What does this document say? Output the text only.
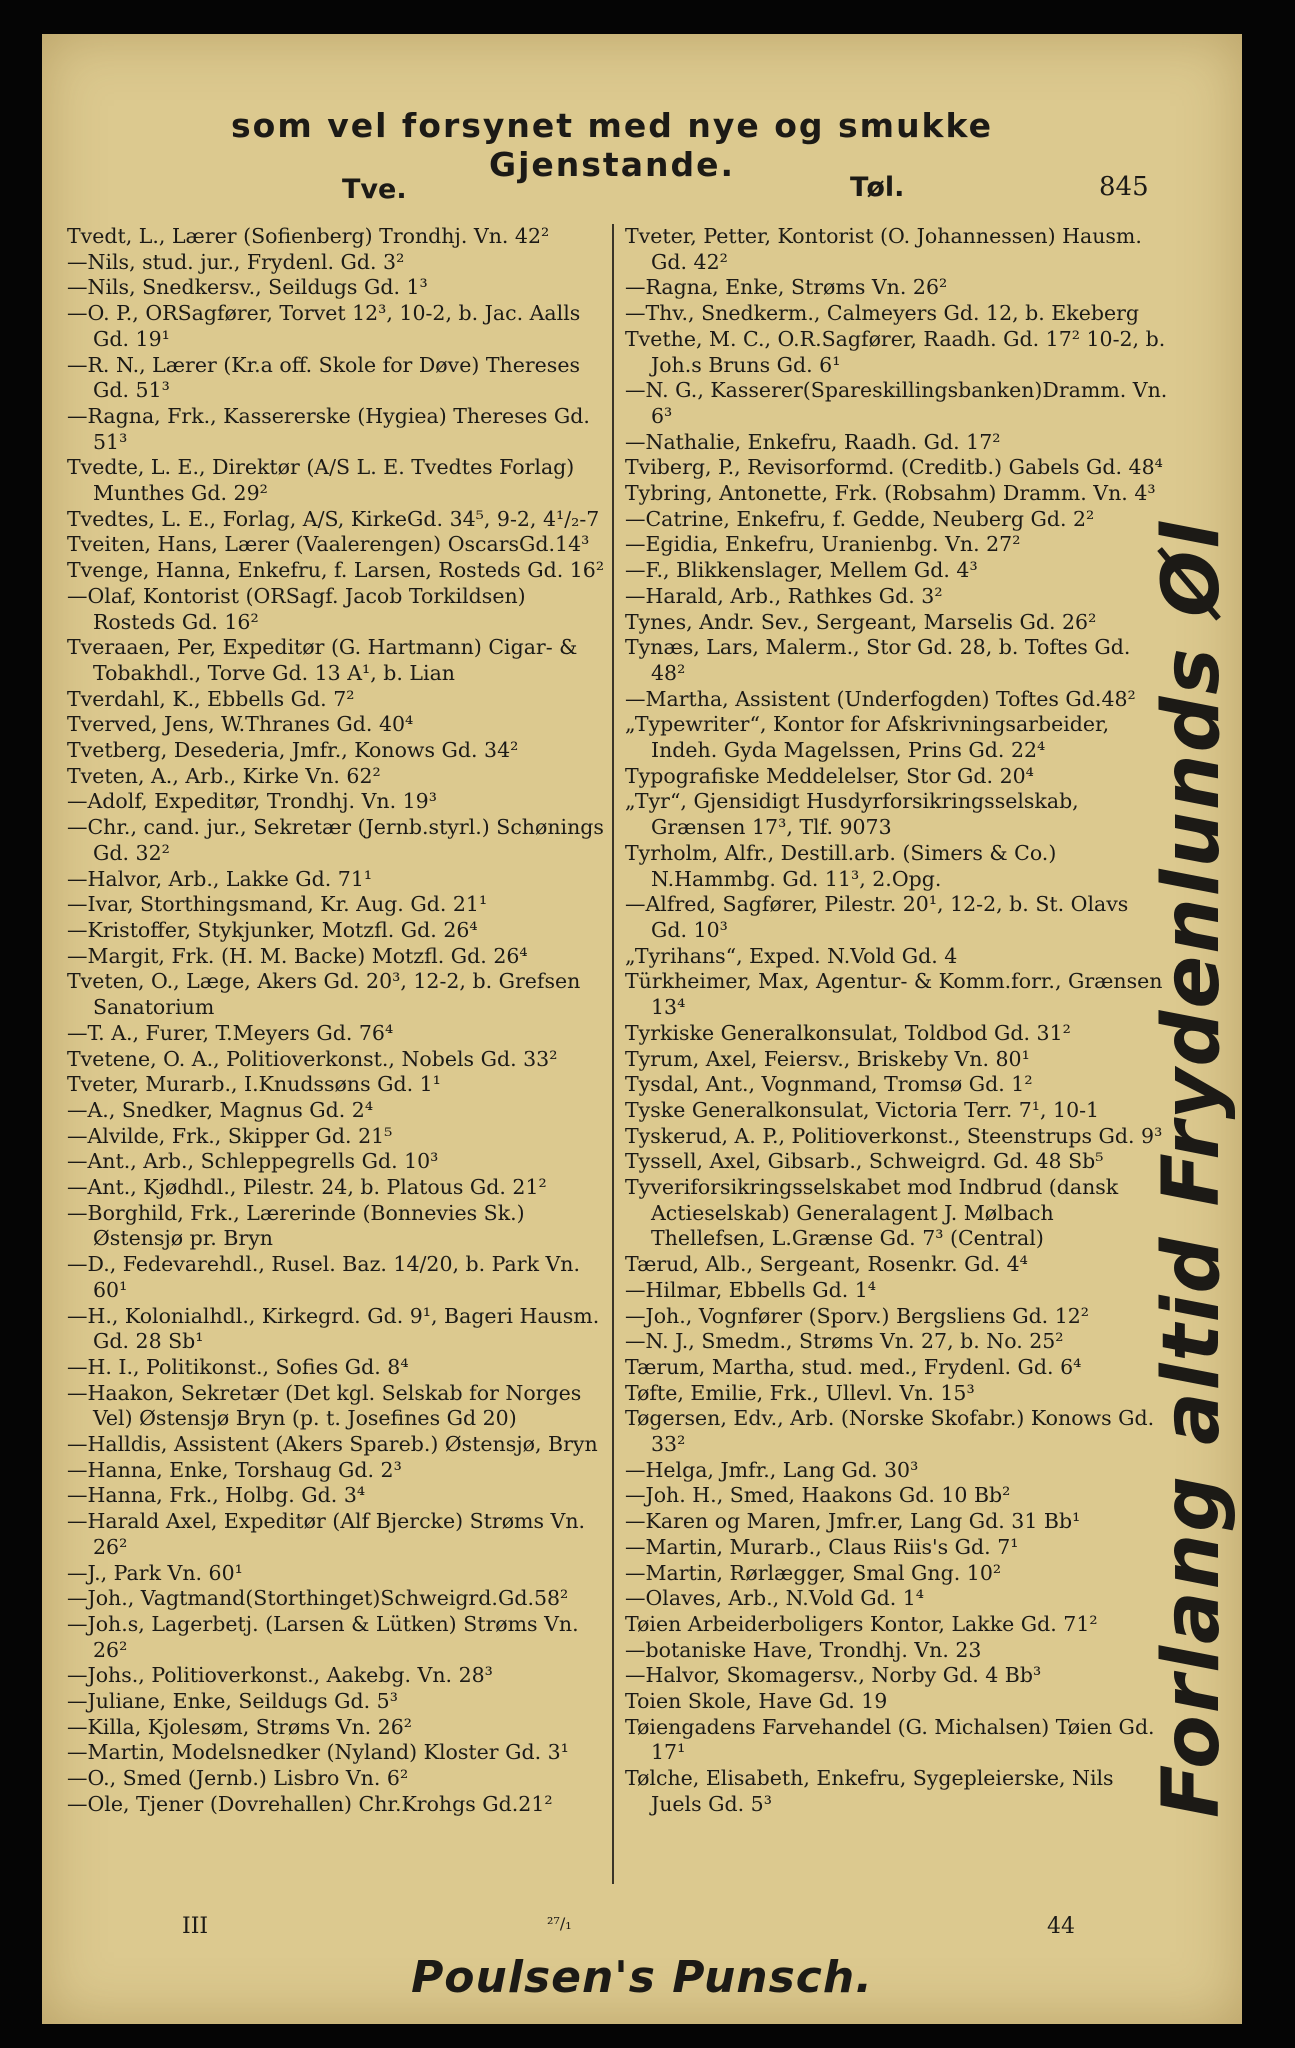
som vel forsynet med nye og smukke Gjenstande.
Tve.	Tøl.	845
Tvedt, L., Lærer (Sofienberg) Trondhj. Vn. 42²
—Nils, stud. jur., Frydenl. Gd. 3²
—Nils, Snedkersv., Seildugs Gd. 1³
—O. P., ORSagfører, Torvet 12³, 10-2, b. Jac. Aalls Gd. 19¹
—R. N., Lærer (Kr.a off. Skole for Døve) Thereses Gd. 51³
—Ragna, Frk., Kassererske (Hygiea) Thereses Gd. 51³
Tvedte, L. E., Direktør (A/S L. E. Tvedtes Forlag) Munthes Gd. 29²
Tvedtes, L. E., Forlag, A/S, KirkeGd. 34⁵, 9-2, 4¹/₂-7
Tveiten, Hans, Lærer (Vaalerengen) OscarsGd.14³
Tvenge, Hanna, Enkefru, f. Larsen, Rosteds Gd. 16²
—Olaf, Kontorist (ORSagf. Jacob Torkildsen) Rosteds Gd. 16²
Tveraaen, Per, Expeditør (G. Hartmann) Cigar- & Tobakhdl., Torve Gd. 13 A¹, b. Lian
Tverdahl, K., Ebbells Gd. 7²
Tverved, Jens, W.Thranes Gd. 40⁴
Tvetberg, Desederia, Jmfr., Konows Gd. 34²
Tveten, A., Arb., Kirke Vn. 62²
—Adolf, Expeditør, Trondhj. Vn. 19³
—Chr., cand. jur., Sekretær (Jernb.styrl.) Schønings Gd. 32²
—Halvor, Arb., Lakke Gd. 71¹
—Ivar, Storthingsmand, Kr. Aug. Gd. 21¹
—Kristoffer, Stykjunker, Motzfl. Gd. 26⁴
—Margit, Frk. (H. M. Backe) Motzfl. Gd. 26⁴
Tveten, O., Læge, Akers Gd. 20³, 12-2, b. Grefsen Sanatorium
—T. A., Furer, T.Meyers Gd. 76⁴
Tvetene, O. A., Politioverkonst., Nobels Gd. 33²
Tveter, Murarb., I.Knudssøns Gd. 1¹
—A., Snedker, Magnus Gd. 2⁴
—Alvilde, Frk., Skipper Gd. 21⁵
—Ant., Arb., Schleppegrells Gd. 10³
—Ant., Kjødhdl., Pilestr. 24, b. Platous Gd. 21²
—Borghild, Frk., Lærerinde (Bonnevies Sk.) Østensjø pr. Bryn
—D., Fedevarehdl., Rusel. Baz. 14/20, b. Park Vn. 60¹
—H., Kolonialhdl., Kirkegrd. Gd. 9¹, Bageri Hausm. Gd. 28 Sb¹
—H. I., Politikonst., Sofies Gd. 8⁴
—Haakon, Sekretær (Det kgl. Selskab for Norges Vel) Østensjø Bryn (p. t. Josefines Gd 20)
—Halldis, Assistent (Akers Spareb.) Østensjø, Bryn
—Hanna, Enke, Torshaug Gd. 2³
—Hanna, Frk., Holbg. Gd. 3⁴
—Harald Axel, Expeditør (Alf Bjercke) Strøms Vn. 26²
—J., Park Vn. 60¹
—Joh., Vagtmand(Storthinget)Schweigrd.Gd.58²
—Joh.s, Lagerbetj. (Larsen & Lütken) Strøms Vn. 26²
—Johs., Politioverkonst., Aakebg. Vn. 28³
—Juliane, Enke, Seildugs Gd. 5³
—Killa, Kjolesøm, Strøms Vn. 26²
—Martin, Modelsnedker (Nyland) Kloster Gd. 3¹
—O., Smed (Jernb.) Lisbro Vn. 6²
—Ole, Tjener (Dovrehallen) Chr.Krohgs Gd.21²
Tveter, Petter, Kontorist (O. Johannessen) Hausm. Gd. 42²
—Ragna, Enke, Strøms Vn. 26²
—Thv., Snedkerm., Calmeyers Gd. 12, b. Ekeberg
Tvethe, M. C., O.R.Sagfører, Raadh. Gd. 17² 10-2, b. Joh.s Bruns Gd. 6¹
—N. G., Kasserer(Spareskillingsbanken)Dramm. Vn. 6³
—Nathalie, Enkefru, Raadh. Gd. 17²
Tviberg, P., Revisorformd. (Creditb.) Gabels Gd. 48⁴
Tybring, Antonette, Frk. (Robsahm) Dramm. Vn. 4³
—Catrine, Enkefru, f. Gedde, Neuberg Gd. 2²
—Egidia, Enkefru, Uranienbg. Vn. 27²
—F., Blikkenslager, Mellem Gd. 4³
—Harald, Arb., Rathkes Gd. 3²
Tynes, Andr. Sev., Sergeant, Marselis Gd. 26²
Tynæs, Lars, Malerm., Stor Gd. 28, b. Toftes Gd. 48²
—Martha, Assistent (Underfogden) Toftes Gd.48²
„Typewriter“, Kontor for Afskrivningsarbeider, Indeh. Gyda Magelssen, Prins Gd. 22⁴
Typografiske Meddelelser, Stor Gd. 20⁴
„Tyr“, Gjensidigt Husdyrforsikringsselskab, Grænsen 17³, Tlf. 9073
Tyrholm, Alfr., Destill.arb. (Simers & Co.) N.Hammbg. Gd. 11³, 2.Opg.
—Alfred, Sagfører, Pilestr. 20¹, 12-2, b. St. Olavs Gd. 10³
„Tyrihans“, Exped. N.Vold Gd. 4
Türkheimer, Max, Agentur- & Komm.forr., Grænsen 13⁴
Tyrkiske Generalkonsulat, Toldbod Gd. 31²
Tyrum, Axel, Feiersv., Briskeby Vn. 80¹
Tysdal, Ant., Vognmand, Tromsø Gd. 1²
Tyske Generalkonsulat, Victoria Terr. 7¹, 10-1
Tyskerud, A. P., Politioverkonst., Steenstrups Gd. 9³
Tyssell, Axel, Gibsarb., Schweigrd. Gd. 48 Sb⁵
Tyveriforsikringsselskabet mod Indbrud (dansk Actieselskab) Generalagent J. Mølbach Thellefsen, L.Grænse Gd. 7³ (Central)
Tærud, Alb., Sergeant, Rosenkr. Gd. 4⁴
—Hilmar, Ebbells Gd. 1⁴
—Joh., Vognfører (Sporv.) Bergsliens Gd. 12²
—N. J., Smedm., Strøms Vn. 27, b. No. 25²
Tærum, Martha, stud. med., Frydenl. Gd. 6⁴
Tøfte, Emilie, Frk., Ullevl. Vn. 15³
Tøgersen, Edv., Arb. (Norske Skofabr.) Konows Gd. 33²
—Helga, Jmfr., Lang Gd. 30³
—Joh. H., Smed, Haakons Gd. 10 Bb²
—Karen og Maren, Jmfr.er, Lang Gd. 31 Bb¹
—Martin, Murarb., Claus Riis's Gd. 7¹
—Martin, Rørlægger, Smal Gng. 10²
—Olaves, Arb., N.Vold Gd. 1⁴
Tøien Arbeiderboligers Kontor, Lakke Gd. 71²
—botaniske Have, Trondhj. Vn. 23
—Halvor, Skomagersv., Norby Gd. 4 Bb³
Toien Skole, Have Gd. 19
Tøiengadens Farvehandel (G. Michalsen) Tøien Gd. 17¹
Tølche, Elisabeth, Enkefru, Sygepleierske, Nils Juels Gd. 5³	Forlang altid Frydenlunds Øl
III	²⁷/₁	44
Poulsen's Punsch.
